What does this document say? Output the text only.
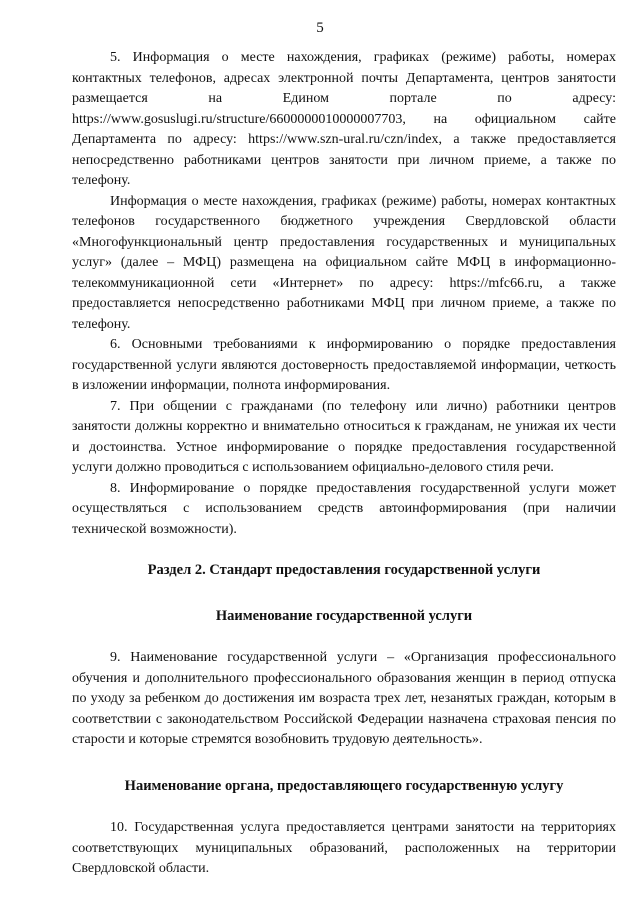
5

5. Информация о месте нахождения, графиках (режиме) работы, номерах контактных телефонов, адресах электронной почты Департамента, центров занятости размещается на Едином портале по адресу: https://www.gosuslugi.ru/structure/6600000010000007703, на официальном сайте Департамента по адресу: https://www.szn-ural.ru/czn/index, а также предоставляется непосредственно работниками центров занятости при личном приеме, а также по телефону.

Информация о месте нахождения, графиках (режиме) работы, номерах контактных телефонов государственного бюджетного учреждения Свердловской области «Многофункциональный центр предоставления государственных и муниципальных услуг» (далее – МФЦ) размещена на официальном сайте МФЦ в информационно-телекоммуникационной сети «Интернет» по адресу: https://mfc66.ru, а также предоставляется непосредственно работниками МФЦ при личном приеме, а также по телефону.

6. Основными требованиями к информированию о порядке предоставления государственной услуги являются достоверность предоставляемой информации, четкость в изложении информации, полнота информирования.

7. При общении с гражданами (по телефону или лично) работники центров занятости должны корректно и внимательно относиться к гражданам, не унижая их чести и достоинства. Устное информирование о порядке предоставления государственной услуги должно проводиться с использованием официально-делового стиля речи.

8. Информирование о порядке предоставления государственной услуги может осуществляться с использованием средств автоинформирования (при наличии технической возможности).

Раздел 2. Стандарт предоставления государственной услуги
Наименование государственной услуги

9. Наименование государственной услуги – «Организация профессионального обучения и дополнительного профессионального образования женщин в период отпуска по уходу за ребенком до достижения им возраста трех лет, незанятых граждан, которым в соответствии с законодательством Российской Федерации назначена страховая пенсия по старости и которые стремятся возобновить трудовую деятельность».

Наименование органа, предоставляющего государственную услугу

10. Государственная услуга предоставляется центрами занятости на территориях соответствующих муниципальных образований, расположенных на территории Свердловской области.
